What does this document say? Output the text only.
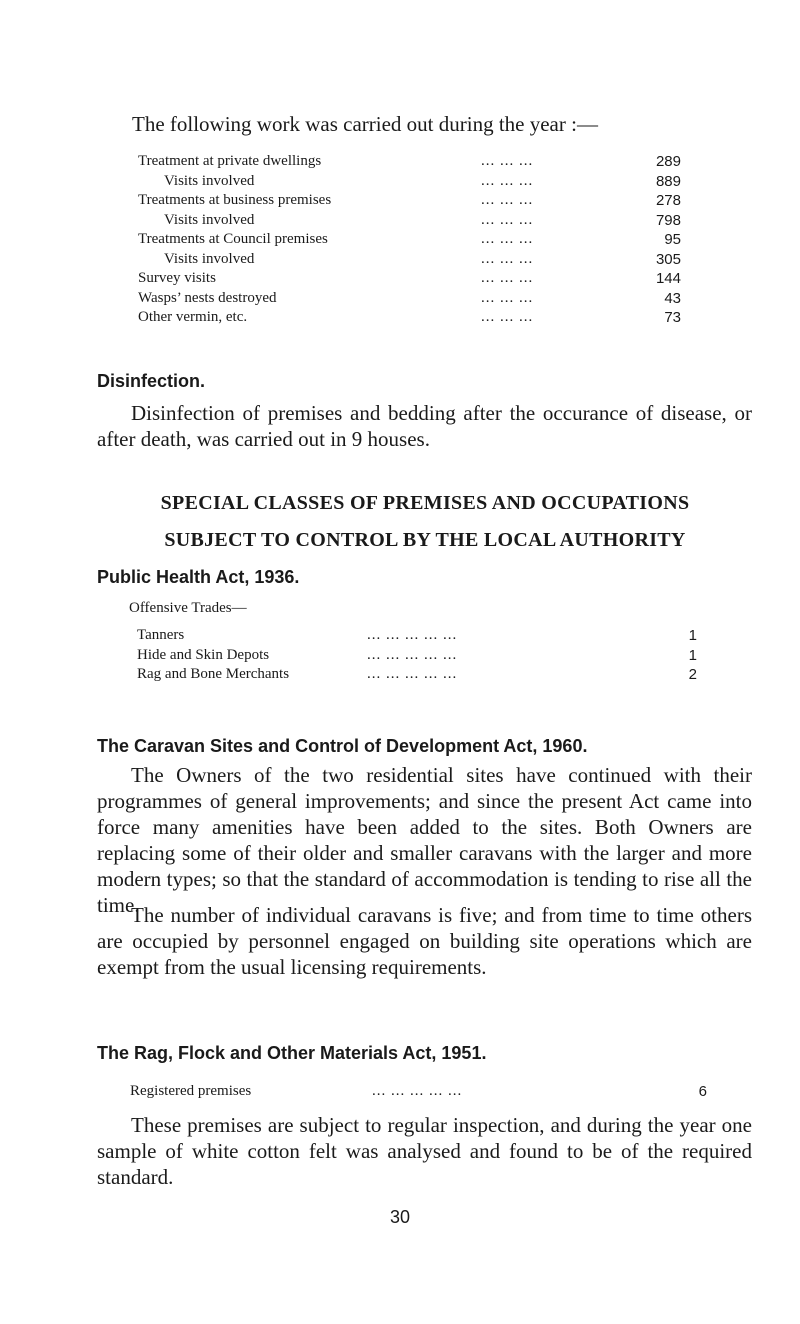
The following work was carried out during the year :—
Treatment at private dwellings	... ... ...	289
Visits involved	... ... ...	889
Treatments at business premises	... ... ...	278
Visits involved	... ... ...	798
Treatments at Council premises	... ... ...	95
Visits involved	... ... ...	305
Survey visits	... ... ...	144
Wasps’ nests destroyed	... ... ...	43
Other vermin, etc.	... ... ...	73
Disinfection.
Disinfection of premises and bedding after the occurance of disease, or after death, was carried out in 9 houses.
SPECIAL CLASSES OF PREMISES AND OCCUPATIONS
SUBJECT TO CONTROL BY THE LOCAL AUTHORITY
Public Health Act, 1936.
Offensive Trades—
Tanners	... ... ... ... ...	1
Hide and Skin Depots	... ... ... ... ...	1
Rag and Bone Merchants	... ... ... ... ...	2
The Caravan Sites and Control of Development Act, 1960.
The Owners of the two residential sites have continued with their programmes of general improvements; and since the present Act came into force many amenities have been added to the sites. Both Owners are replacing some of their older and smaller caravans with the larger and more modern types; so that the standard of accommodation is tending to rise all the time.
The number of individual caravans is five; and from time to time others are occupied by personnel engaged on building site operations which are exempt from the usual licensing requirements.
The Rag, Flock and Other Materials Act, 1951.
Registered premises	... ... ... ... ...	6
These premises are subject to regular inspection, and during the year one sample of white cotton felt was analysed and found to be of the required standard.
30
